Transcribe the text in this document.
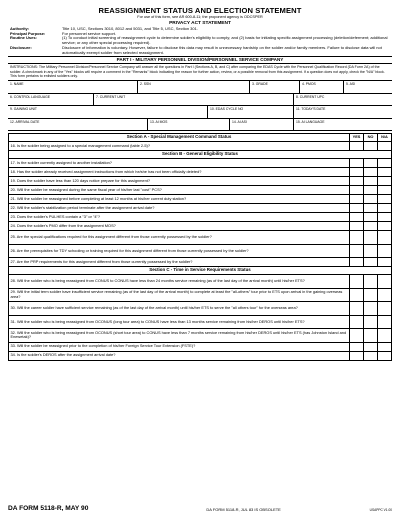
REASSIGNMENT STATUS AND ELECTION STATEMENT
For use of this form, see AR 600-8-11; the proponent agency is ODCSPER
PRIVACY ACT STATEMENT
Authority:	Title 10, USC, Sections 3010, 8012 and 5031, and Title 5, USC, Section 301.
Principal Purpose:	For personnel service support.
Routine Uses:	(1) To conduct initial screening of reassignment cycle to determine soldier's eligibility to comply; and (2) basis for initiating specific assignment processing (deletion/deferment; additional service; or any other special processing required).
Disclosure:	Disclosure of information is voluntary. However, failure to disclose this data may result in unnecessary hardship on the soldier and/or family members. Failure to disclose data will not automatically exempt soldier from selected reassignment.
PART I - MILITARY PERSONNEL DIVISION/PERSONNEL SERVICE COMPANY
INSTRUCTIONS: The Military Personnel Division/Personnel Service Company will answer all the questions in Part I (Sections A, B, and C) after comparing the EDAS Cycle with the Personnel Qualification Record (DA Form 2A) of the soldier. A checkmark in any of the "Yes" blocks will require a comment in the "Remarks" block indicating the reason for further action, review, or a possible removal from this assignment. If a question does not apply, check the "N/A" block. This form pertains to enlisted soldiers only.
1. NAME	2. SSN	3. GRADE	4. PMOS	5. ASI
6. CONTROL LANGUAGE	7. CURRENT UNIT	8. CURRENT UPC
9. GAINING UNIT	10. EDAS CYCLE NO	11. TODAY'S DATE
12. ARRIVAL DATE	13. AI MOS	14. AI ASI	15. AI LANGUAGE
Section A - Special Management Command Status	YES	NO	N/A
16. Is the soldier being assigned to a special management command (table 2-5)?			
Section B - General Eligibility Status			
17. Is the soldier currently assigned to another installation?			
18. Has the soldier already received assignment instructions from which he/she has not been officially deleted?			
19. Does the soldier have less than 120 days notice prepare for this assignment?			
20. Will the soldier be reassigned during the same fiscal year of his/her last "cost" PCS?			
21. Will the soldier be reassigned before completing at least 12 months at his/her current duty station?			
22. Will the soldier's stabilization period terminate after the assignment arrival date?			
23. Does the soldier's PULHES contain a "3" or "4"?			
24. Does the soldier's PMO differ from the assignment MOS?			
25. Are the special qualifications required for this assignment different from those currently possessed by the soldier?			
26. Are the prerequisites for TDY schooling or training required for this assignment different from those currently possessed by the soldier?			
27. Are the PRP requirements for this assignment different from those currently possessed by the soldier?			
Section C - Time in Service Requirements Status			
28. Will the soldier who is being reassigned from CONUS to CONUS have less than 24 months service remaining (as of the last day of the arrival month) until his/her ETS?			
29. Will the initial term soldier have insufficient service remaining (as of the last day of the arrival month) to complete at least the "all-others" tour prior to ETS upon arrival in the gaining overseas area?			
30. Will the career soldier have sufficient service remaining (as of the last day of the arrival month) until his/her ETS to serve the "all others tour" for the overseas area?			
31. Will the soldier who is being reassigned from OCONUS (long tour area) to CONUS have less than 13 months service remaining from his/her DEROS until his/her ETS?			
32. Will the soldier who is being reassigned from OCONUS (short tour area) to CONUS have less than 7 months service remaining from his/her DEROS until his/her ETS (has Johnston Island and Enewetak)?			
33. Will the soldier be reassigned prior to the completion of his/her Foreign Service Tour Extension (FSTE)?			
34. Is the soldier's DEROS after the assignment arrival date?			
DA FORM 5118-R, MAY 90	DA FORM 5118-R, JUL 83 IS OBSOLETE	USAPPC V1.00
